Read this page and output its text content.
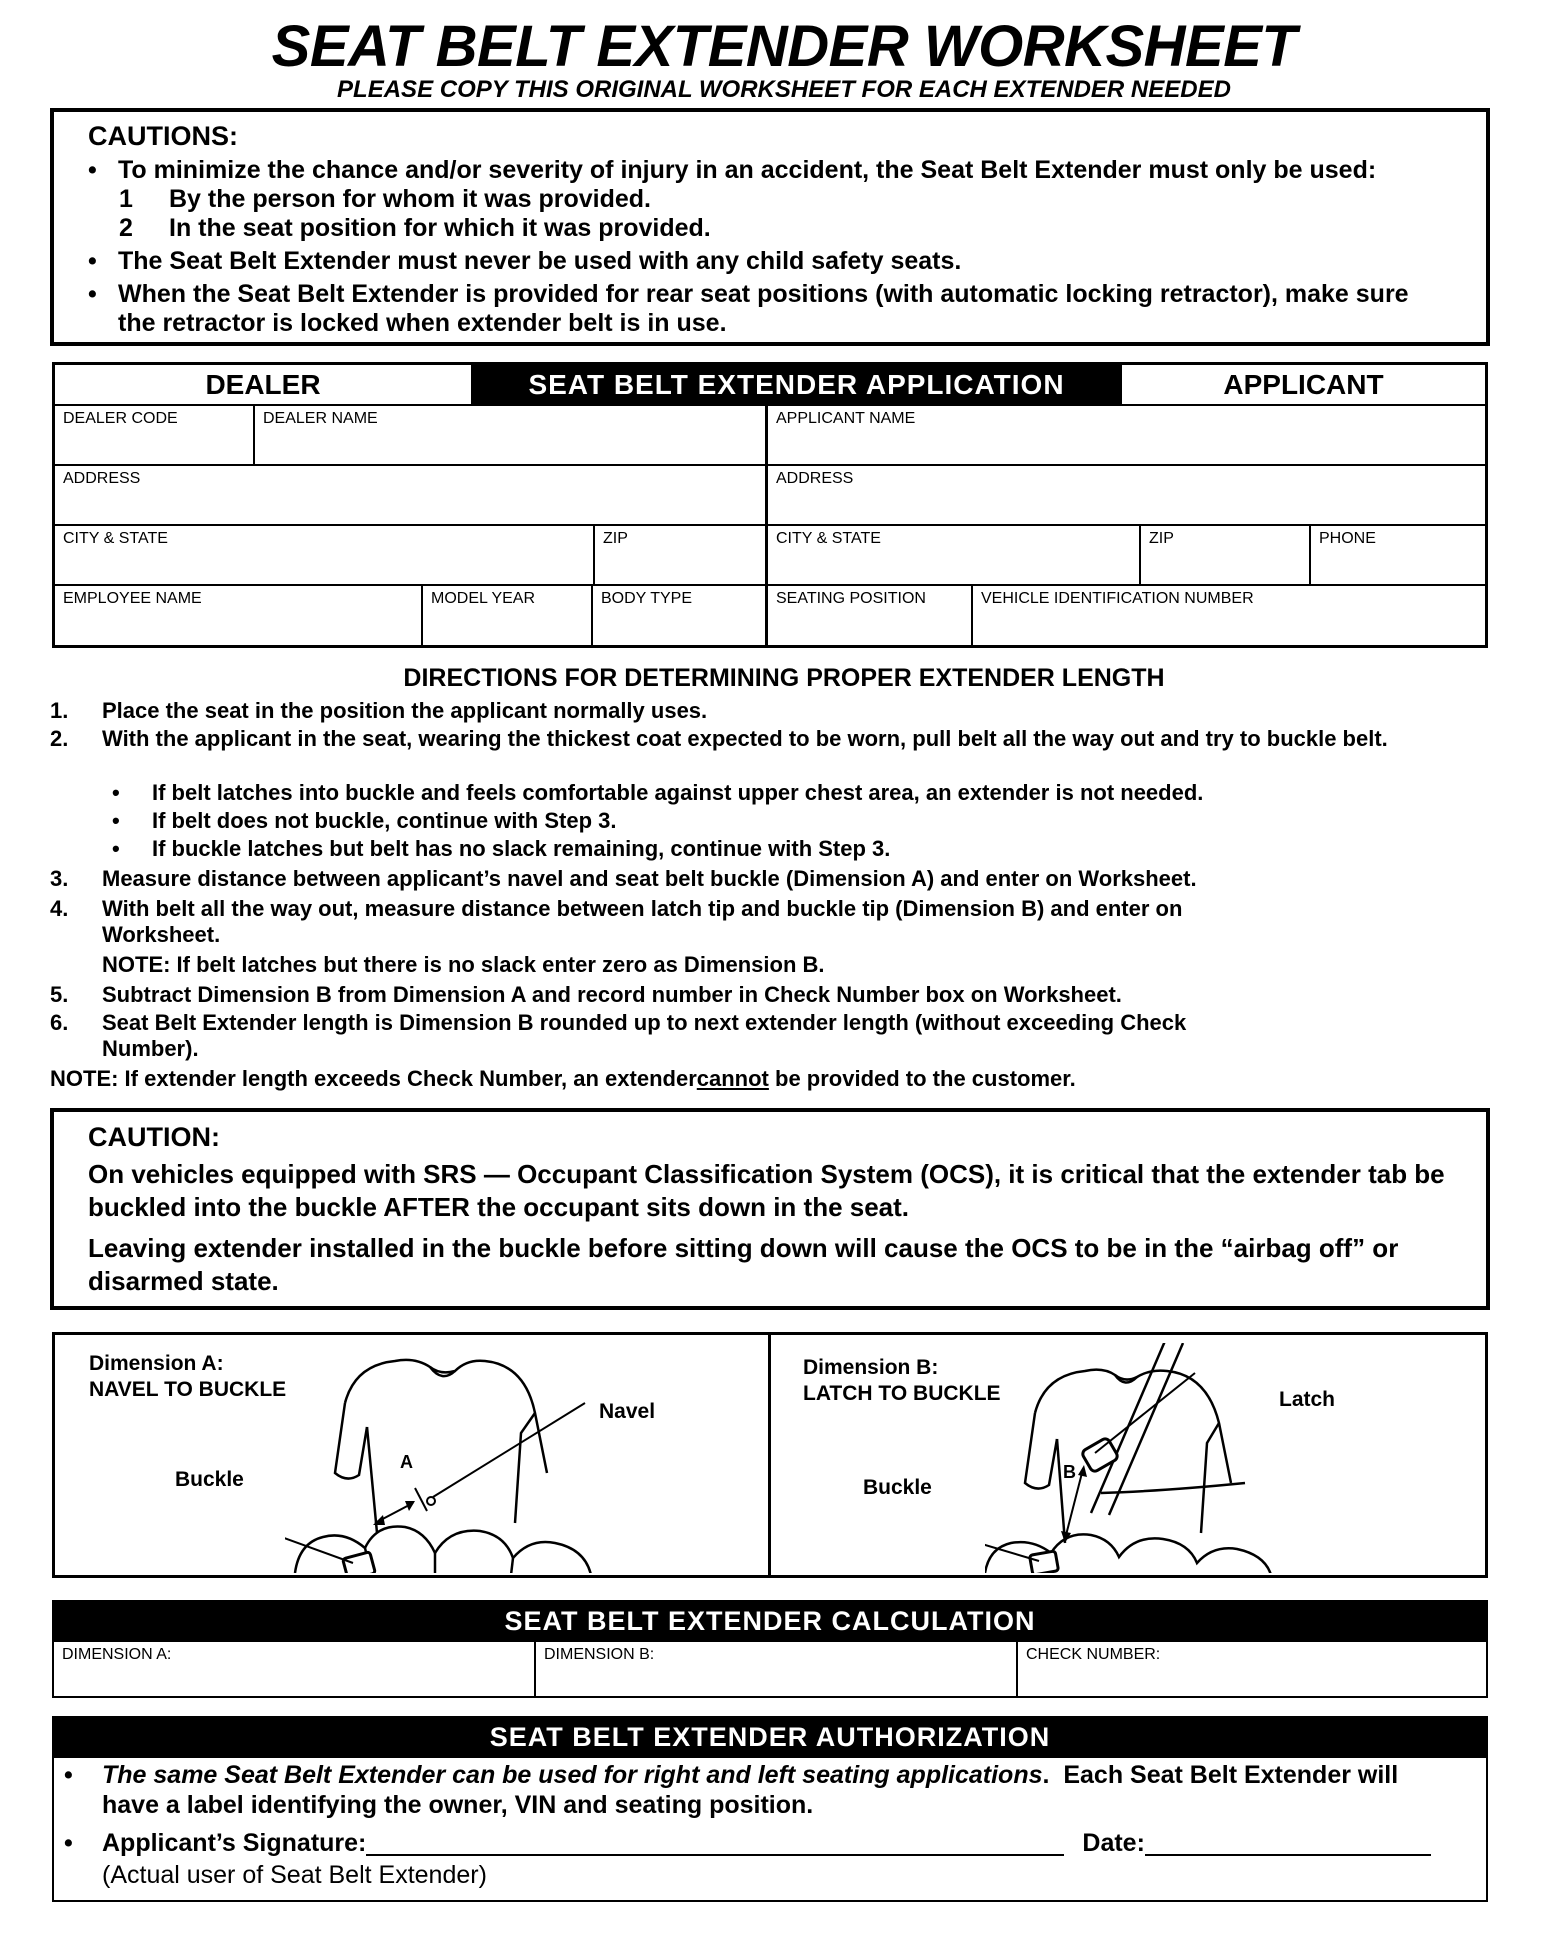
SEAT BELT EXTENDER WORKSHEET
PLEASE COPY THIS ORIGINAL WORKSHEET FOR EACH EXTENDER NEEDED
CAUTIONS:
• To minimize the chance and/or severity of injury in an accident, the Seat Belt Extender must only be used:
1	By the person for whom it was provided.
2	In the seat position for which it was provided.
• The Seat Belt Extender must never be used with any child safety seats.
• When the Seat Belt Extender is provided for rear seat positions (with automatic locking retractor), make sure the retractor is locked when extender belt is in use.
DEALER	SEAT BELT EXTENDER APPLICATION	APPLICANT
DEALER CODE	DEALER NAME	APPLICANT NAME
ADDRESS	ADDRESS
CITY & STATE	ZIP	CITY & STATE	ZIP	PHONE
EMPLOYEE NAME	MODEL YEAR	BODY TYPE	SEATING POSITION	VEHICLE IDENTIFICATION NUMBER
DIRECTIONS FOR DETERMINING PROPER EXTENDER LENGTH
1.	Place the seat in the position the applicant normally uses.
2.	With the applicant in the seat, wearing the thickest coat expected to be worn, pull belt all the way out and try to buckle belt.
•	If belt latches into buckle and feels comfortable against upper chest area, an extender is not needed.
•	If belt does not buckle, continue with Step 3.
•	If buckle latches but belt has no slack remaining, continue with Step 3.
3.	Measure distance between applicant’s navel and seat belt buckle (Dimension A) and enter on Worksheet.
4.	With belt all the way out, measure distance between latch tip and buckle tip (Dimension B) and enter on Worksheet.
NOTE: If belt latches but there is no slack enter zero as Dimension B.
5.	Subtract Dimension B from Dimension A and record number in Check Number box on Worksheet.
6.	Seat Belt Extender length is Dimension B rounded up to next extender length (without exceeding Check Number).
NOTE: If extender length exceeds Check Number, an extender cannot be provided to the customer.
CAUTION:
On vehicles equipped with SRS — Occupant Classification System (OCS), it is critical that the extender tab be buckled into the buckle AFTER the occupant sits down in the seat.
Leaving extender installed in the buckle before sitting down will cause the OCS to be in the “airbag off” or disarmed state.
Dimension A:
NAVEL TO BUCKLE
Navel
Buckle
A
Dimension B:
LATCH TO BUCKLE	Latch
Buckle
B
SEAT BELT EXTENDER CALCULATION
DIMENSION A:	DIMENSION B:	CHECK NUMBER:
SEAT BELT EXTENDER AUTHORIZATION
•	The same Seat Belt Extender can be used for right and left seating applications.  Each Seat Belt Extender will have a label identifying the owner, VIN and seating position.
•	Applicant’s Signature:	Date:
(Actual user of Seat Belt Extender)
